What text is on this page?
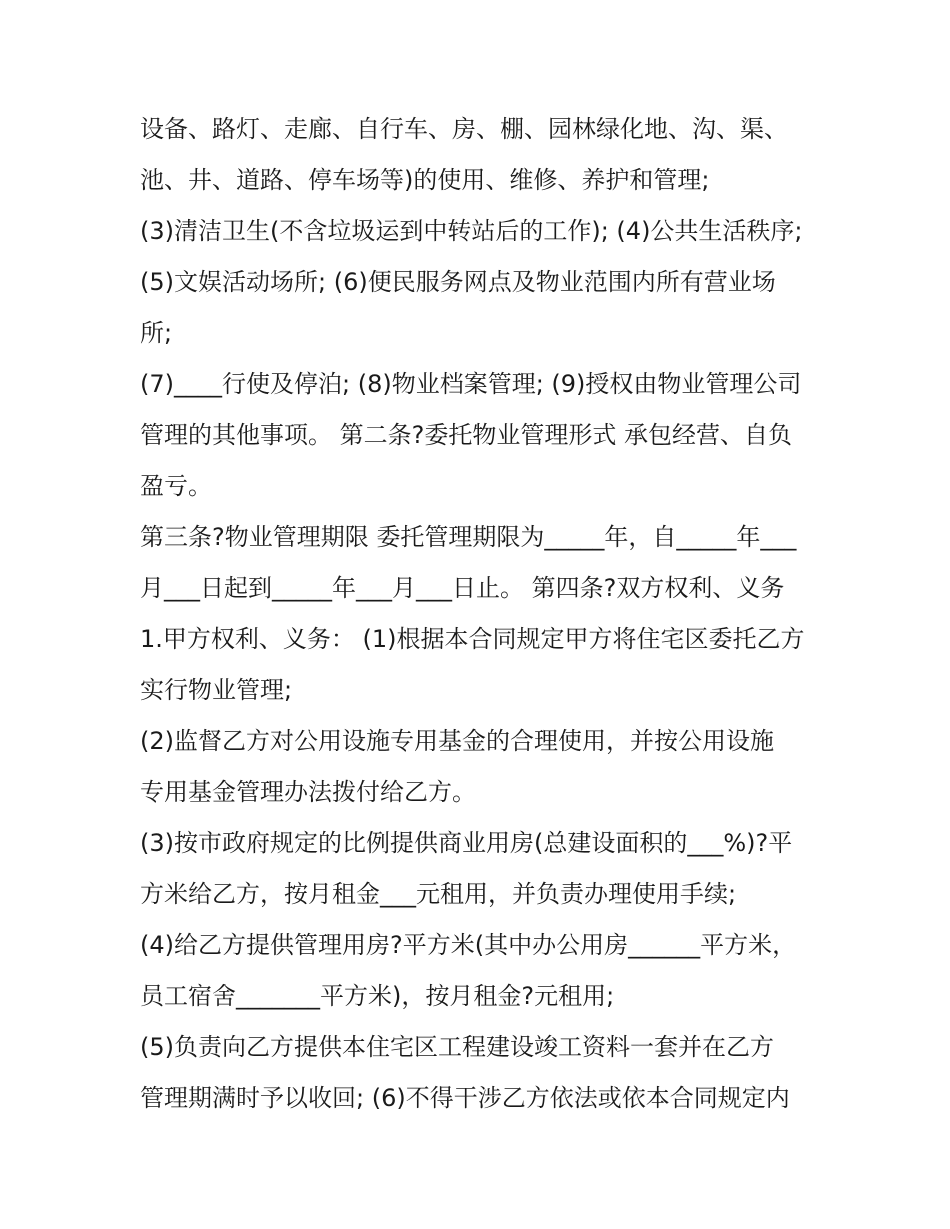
设备、路灯、走廊、自行车、房、棚、园林绿化地、沟、渠、
池、井、道路、停车场等)的使用、维修、养护和管理;
(3)清洁卫生(不含垃圾运到中转站后的工作); (4)公共生活秩序;
(5)文娱活动场所; (6)便民服务网点及物业范围内所有营业场
所;
(7)____行使及停泊; (8)物业档案管理; (9)授权由物业管理公司
管理的其他事项。 第二条?委托物业管理形式 承包经营、自负
盈亏。
第三条?物业管理期限 委托管理期限为_____年，自_____年___
月___日起到_____年___月___日止。 第四条?双方权利、义务
1.甲方权利、义务： (1)根据本合同规定甲方将住宅区委托乙方
实行物业管理;
(2)监督乙方对公用设施专用基金的合理使用，并按公用设施
专用基金管理办法拨付给乙方。
(3)按市政府规定的比例提供商业用房(总建设面积的___%)?平
方米给乙方，按月租金___元租用，并负责办理使用手续;
(4)给乙方提供管理用房?平方米(其中办公用房______平方米，
员工宿舍_______平方米)，按月租金?元租用;
(5)负责向乙方提供本住宅区工程建设竣工资料一套并在乙方
管理期满时予以收回; (6)不得干涉乙方依法或依本合同规定内
